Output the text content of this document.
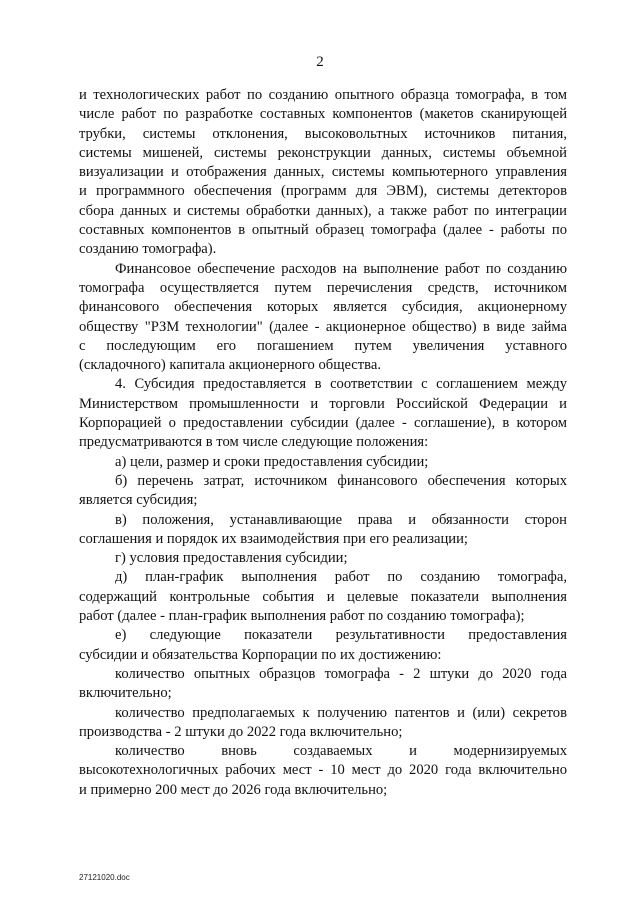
2

и технологических работ по созданию опытного образца томографа, в том
числе работ по разработке составных компонентов (макетов сканирующей
трубки, системы отклонения, высоковольтных источников питания,
системы мишеней, системы реконструкции данных, системы объемной
визуализации и отображения данных, системы компьютерного управления
и программного обеспечения (программ для ЭВМ), системы детекторов
сбора данных и системы обработки данных), а также работ по интеграции
составных компонентов в опытный образец томографа (далее - работы по
созданию томографа).

Финансовое обеспечение расходов на выполнение работ по созданию
томографа осуществляется путем перечисления средств, источником
финансового обеспечения которых является субсидия, акционерному
обществу "РЗМ технологии" (далее - акционерное общество) в виде займа
с последующим его погашением путем увеличения уставного
(складочного) капитала акционерного общества.

4. Субсидия предоставляется в соответствии с соглашением между
Министерством промышленности и торговли Российской Федерации и
Корпорацией о предоставлении субсидии (далее - соглашение), в котором
предусматриваются в том числе следующие положения:

а) цели, размер и сроки предоставления субсидии;

б) перечень затрат, источником финансового обеспечения которых
является субсидия;

в) положения, устанавливающие права и обязанности сторон
соглашения и порядок их взаимодействия при его реализации;

г) условия предоставления субсидии;

д) план-график выполнения работ по созданию томографа,
содержащий контрольные события и целевые показатели выполнения
работ (далее - план-график выполнения работ по созданию томографа);

е) следующие показатели результативности предоставления
субсидии и обязательства Корпорации по их достижению:

количество опытных образцов томографа - 2 штуки до 2020 года
включительно;

количество предполагаемых к получению патентов и (или) секретов
производства - 2 штуки до 2022 года включительно;

количество вновь создаваемых и модернизируемых
высокотехнологичных рабочих мест - 10 мест до 2020 года включительно
и примерно 200 мест до 2026 года включительно;

27121020.doc
